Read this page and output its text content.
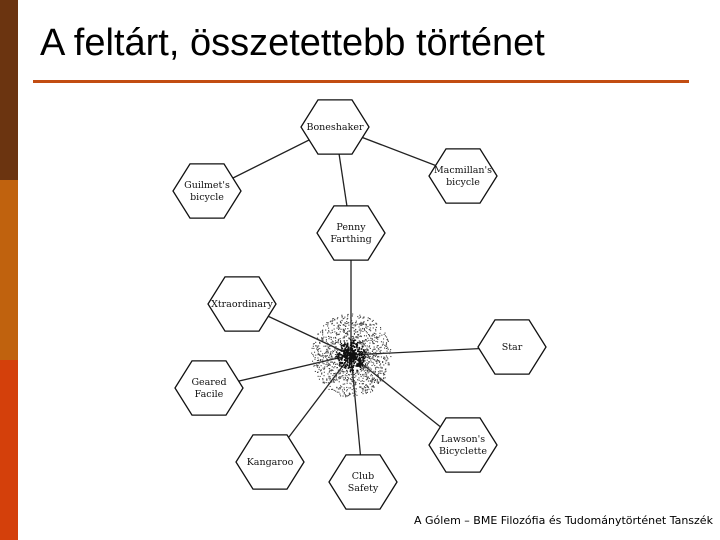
A feltárt, összetettebb történet
Boneshaker
Macmillan's
bicycle
Guilmet's
bicycle
Penny
Farthing
Xtraordinary
Star
Geared
Facile
Lawson's
Bicyclette
Kangaroo
Club
Safety
A Gólem – BME Filozófia és Tudománytörténet Tanszék
